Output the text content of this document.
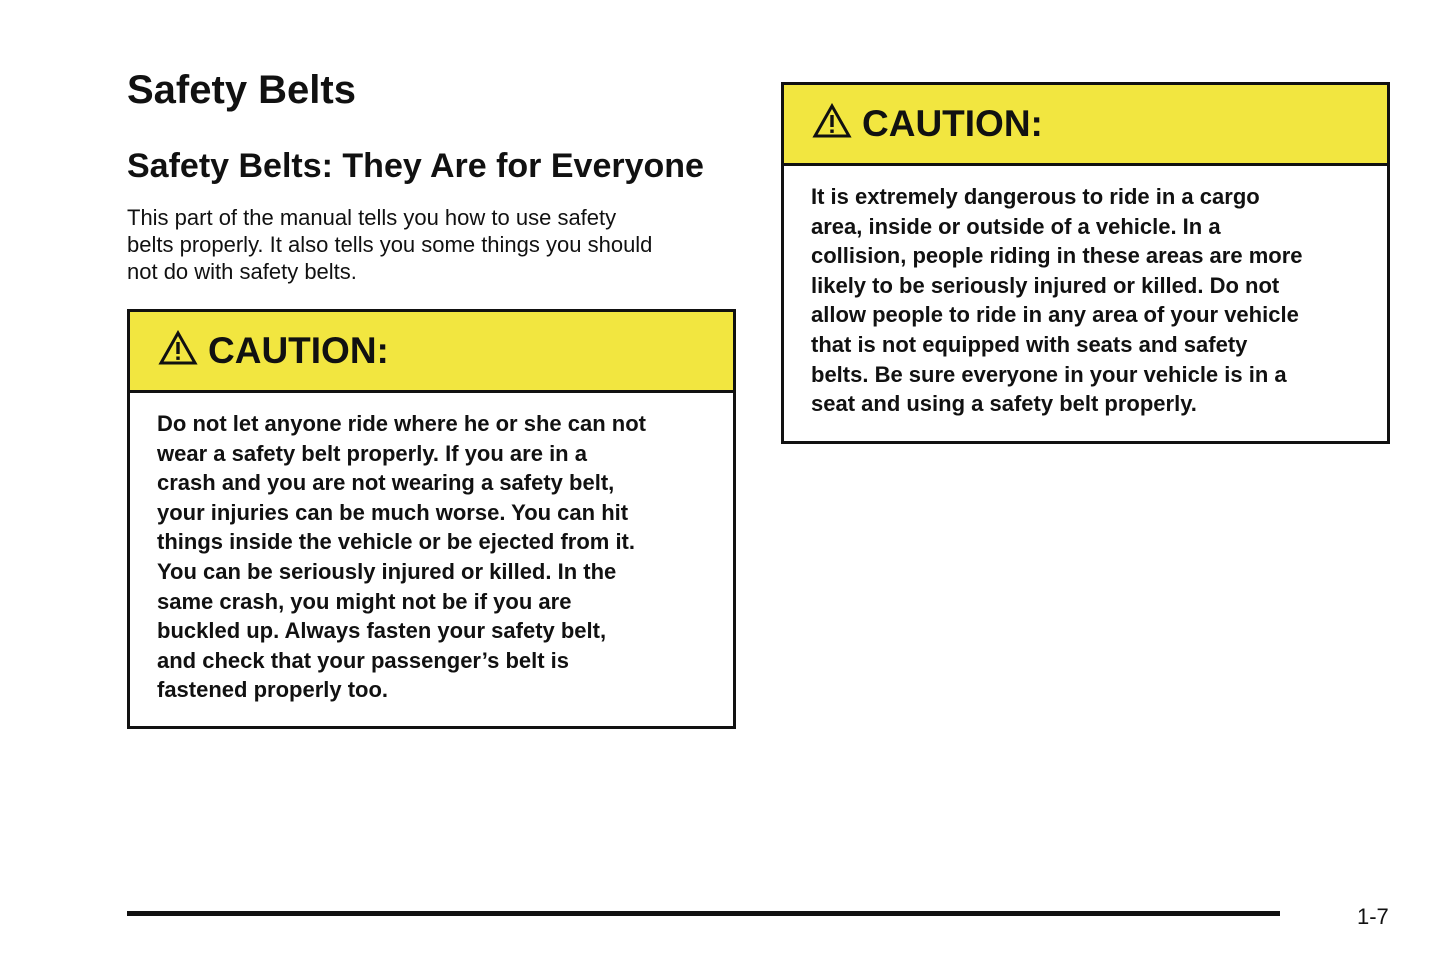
Safety Belts
Safety Belts: They Are for Everyone

This part of the manual tells you how to use safety
belts properly. It also tells you some things you should
not do with safety belts.

CAUTION:

Do not let anyone ride where he or she can not
wear a safety belt properly. If you are in a
crash and you are not wearing a safety belt,
your injuries can be much worse. You can hit
things inside the vehicle or be ejected from it.
You can be seriously injured or killed. In the
same crash, you might not be if you are
buckled up. Always fasten your safety belt,
and check that your passenger’s belt is
fastened properly too.

CAUTION:

It is extremely dangerous to ride in a cargo
area, inside or outside of a vehicle. In a
collision, people riding in these areas are more
likely to be seriously injured or killed. Do not
allow people to ride in any area of your vehicle
that is not equipped with seats and safety
belts. Be sure everyone in your vehicle is in a
seat and using a safety belt properly.

1-7
